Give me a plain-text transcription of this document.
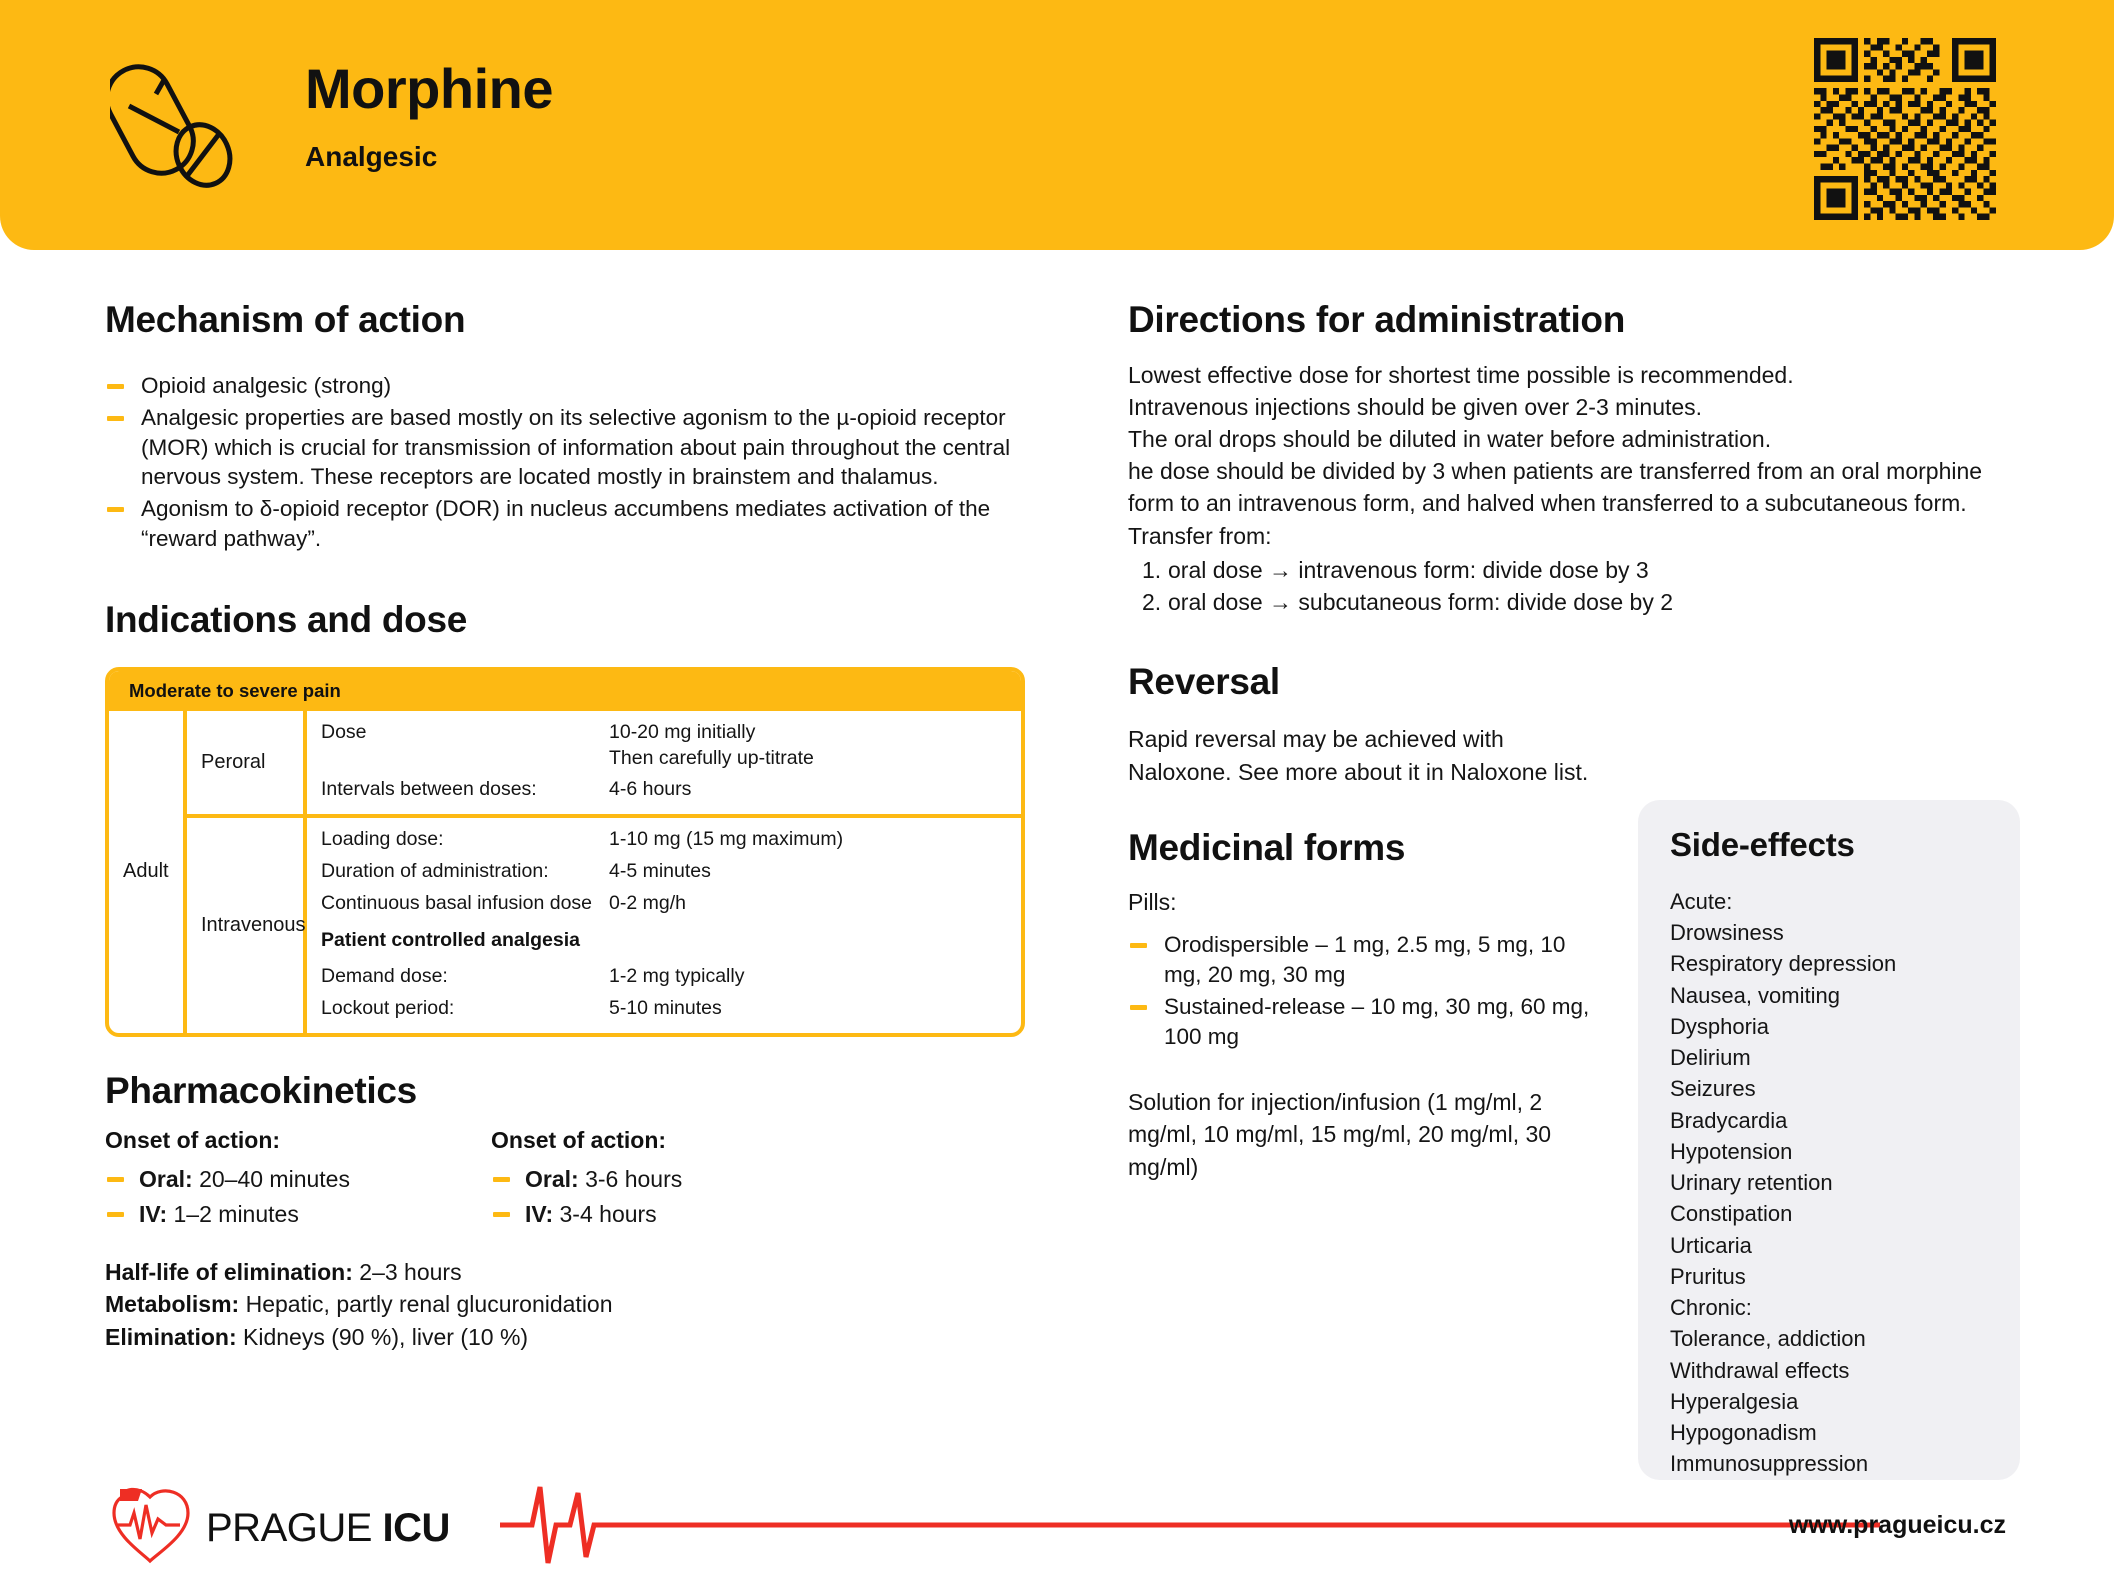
Morphine
Analgesic
Mechanism of action
Opioid analgesic (strong)
Analgesic properties are based mostly on its selective agonism to the µ-opioid receptor (MOR) which is crucial for transmission of information about pain throughout the central nervous system. These receptors are located mostly in brainstem and thalamus.
Agonism to δ-opioid receptor (DOR) in nucleus accumbens mediates activation of the “reward pathway”.
Indications and dose
Moderate to severe pain
Adult
Peroral
Dose	10-20 mg initially
Then carefully up-titrate
Intervals between doses:	4-6 hours
Intravenous
Loading dose:	1-10 mg (15 mg maximum)
Duration of administration:	4-5 minutes
Continuous basal infusion dose 0-2 mg/h
Patient controlled analgesia
Demand dose:	1-2 mg typically
Lockout period:	5-10 minutes
Pharmacokinetics
Onset of action:
Oral: 20–40 minutes
IV: 1–2 minutes
Onset of action:
Oral: 3-6 hours
IV: 3-4 hours

Half-life of elimination: 2–3 hours

Metabolism: Hepatic, partly renal glucuronidation

Elimination: Kidneys (90 %), liver (10 %)

Directions for administration
Lowest effective dose for shortest time possible is recommended.
Intravenous injections should be given over 2-3 minutes.
The oral drops should be diluted in water before administration.
he dose should be divided by 3 when patients are transferred from an oral morphine form to an intravenous form, and halved when transferred to a subcutaneous form.
Transfer from:
1. oral dose → intravenous form: divide dose by 3
2. oral dose → subcutaneous form: divide dose by 2
Reversal
Rapid reversal may be achieved with Naloxone. See more about it in Naloxone list.
Medicinal forms
Pills:
Orodispersible – 1 mg, 2.5 mg, 5 mg, 10 mg, 20 mg, 30 mg
Sustained-release – 10 mg, 30 mg, 60 mg, 100 mg
Solution for injection/infusion (1 mg/ml, 2 mg/ml, 10 mg/ml, 15 mg/ml, 20 mg/ml, 30 mg/ml)
Side-effects
Acute:
Drowsiness
Respiratory depression
Nausea, vomiting
Dysphoria
Delirium
Seizures
Bradycardia
Hypotension
Urinary retention
Constipation
Urticaria
Pruritus
Chronic:
Tolerance, addiction
Withdrawal effects
Hyperalgesia
Hypogonadism
Immunosuppression
PRAGUE ICU	www.pragueicu.cz
